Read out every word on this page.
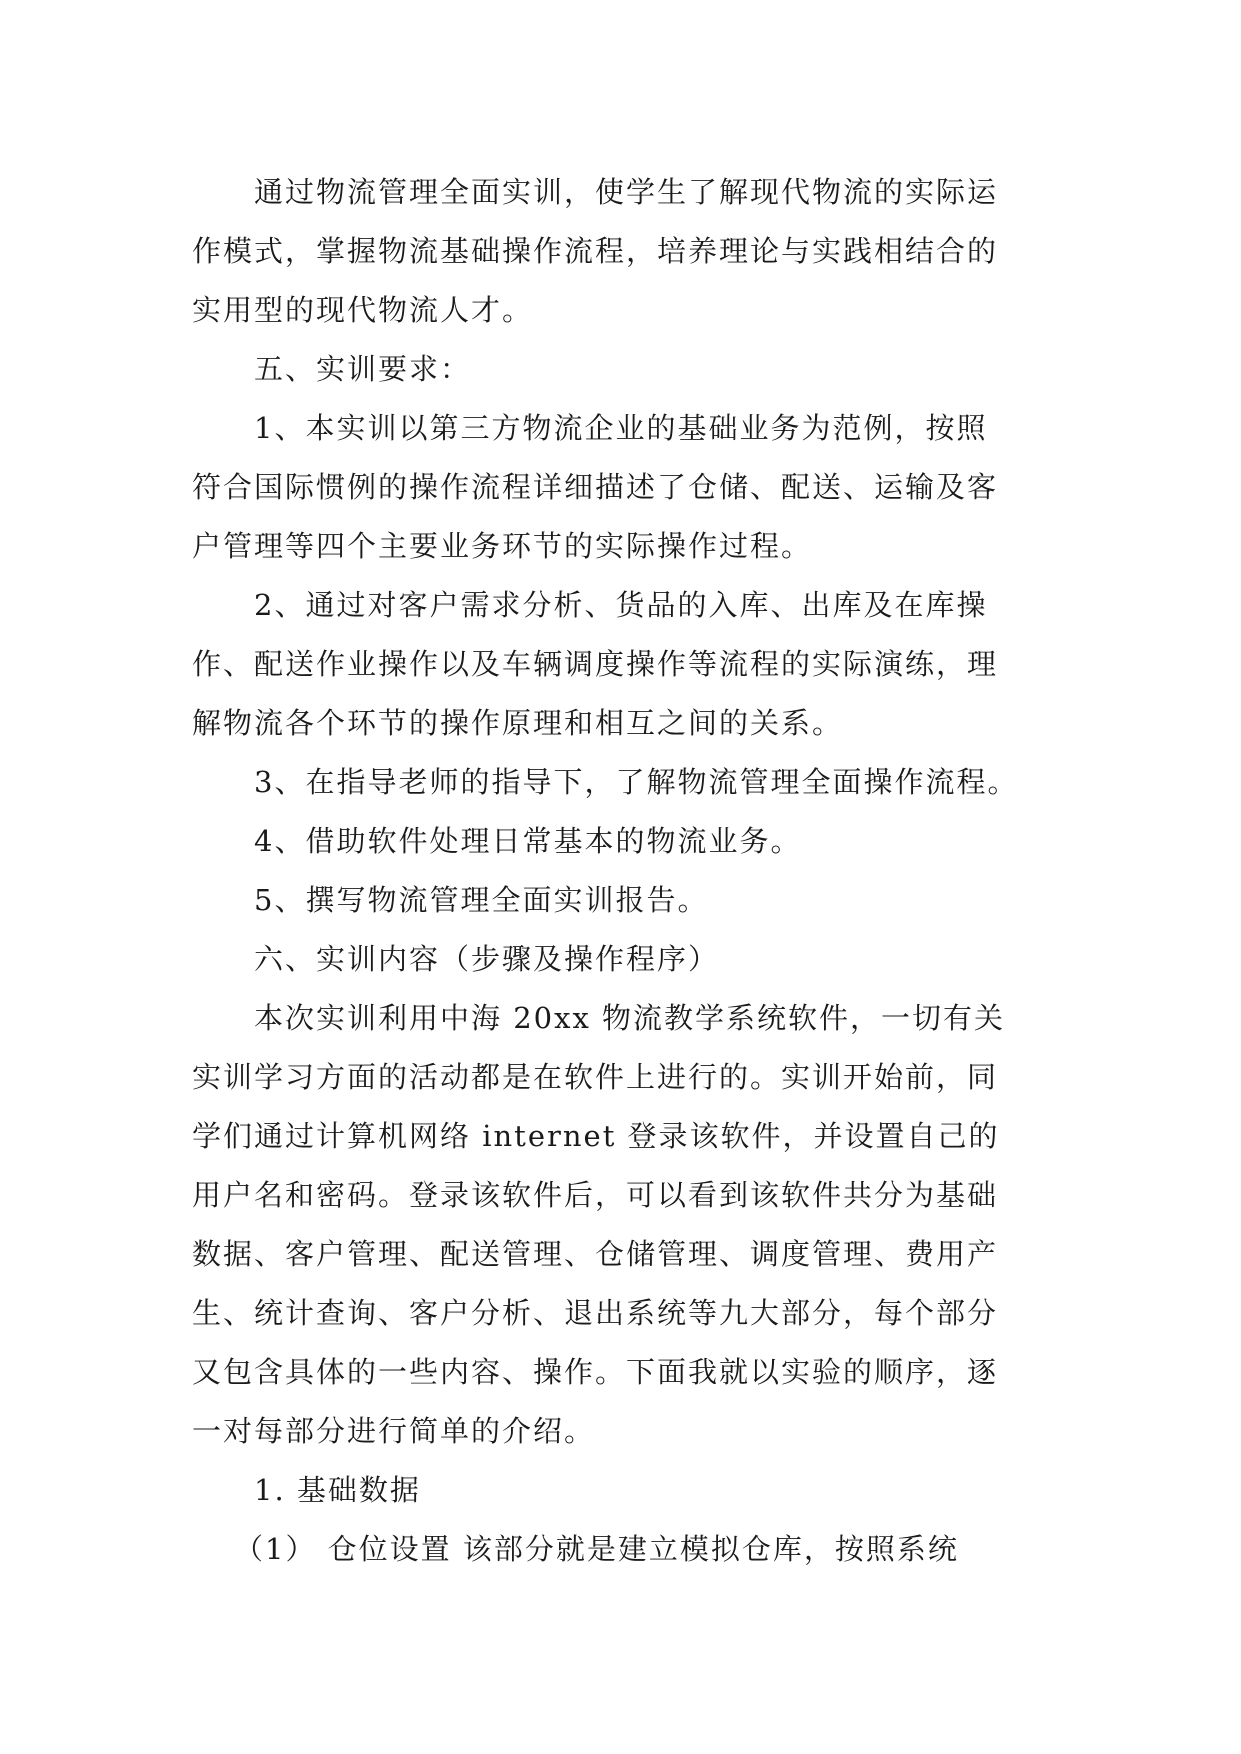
通过物流管理全面实训，使学生了解现代物流的实际运
作模式，掌握物流基础操作流程，培养理论与实践相结合的
实用型的现代物流人才。
五、实训要求：
1、本实训以第三方物流企业的基础业务为范例，按照
符合国际惯例的操作流程详细描述了仓储、配送、运输及客
户管理等四个主要业务环节的实际操作过程。
2、通过对客户需求分析、货品的入库、出库及在库操
作、配送作业操作以及车辆调度操作等流程的实际演练，理
解物流各个环节的操作原理和相互之间的关系。
3、在指导老师的指导下，了解物流管理全面操作流程。
4、借助软件处理日常基本的物流业务。
5、撰写物流管理全面实训报告。
六、实训内容（步骤及操作程序）
本次实训利用中海 20xx 物流教学系统软件，一切有关
实训学习方面的活动都是在软件上进行的。实训开始前，同
学们通过计算机网络 internet 登录该软件，并设置自己的
用户名和密码。登录该软件后，可以看到该软件共分为基础
数据、客户管理、配送管理、仓储管理、调度管理、费用产
生、统计查询、客户分析、退出系统等九大部分，每个部分
又包含具体的一些内容、操作。下面我就以实验的顺序，逐
一对每部分进行简单的介绍。
1. 基础数据
（1） 仓位设置 该部分就是建立模拟仓库，按照系统
